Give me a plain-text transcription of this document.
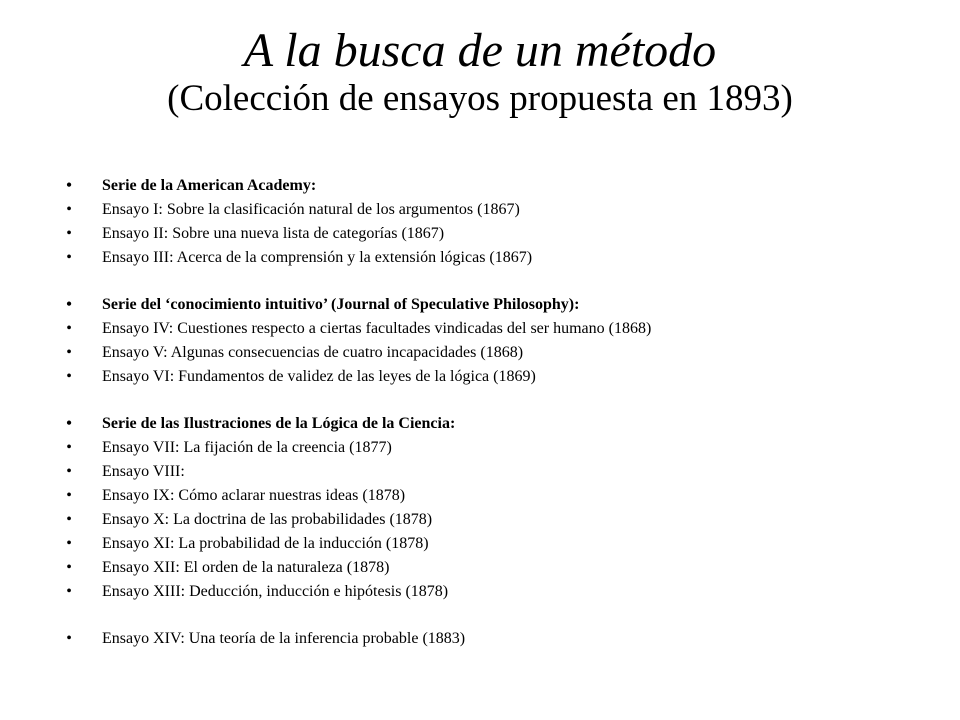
A la busca de un método
(Colección de ensayos propuesta en 1893)
• Serie de la American Academy:
• Ensayo I: Sobre la clasificación natural de los argumentos (1867)
• Ensayo II: Sobre una nueva lista de categorías (1867)
• Ensayo III: Acerca de la comprensión y la extensión lógicas (1867)
• Serie del ‘conocimiento intuitivo’ (Journal of Speculative Philosophy):
• Ensayo IV: Cuestiones respecto a ciertas facultades vindicadas del ser humano (1868)
• Ensayo V: Algunas consecuencias de cuatro incapacidades (1868)
• Ensayo VI: Fundamentos de validez de las leyes de la lógica (1869)
• Serie de las Ilustraciones de la Lógica de la Ciencia:
• Ensayo VII: La fijación de la creencia (1877)
• Ensayo VIII:
• Ensayo IX: Cómo aclarar nuestras ideas (1878)
• Ensayo X: La doctrina de las probabilidades (1878)
• Ensayo XI: La probabilidad de la inducción (1878)
• Ensayo XII: El orden de la naturaleza (1878)
• Ensayo XIII: Deducción, inducción e hipótesis (1878)
• Ensayo XIV: Una teoría de la inferencia probable (1883)
